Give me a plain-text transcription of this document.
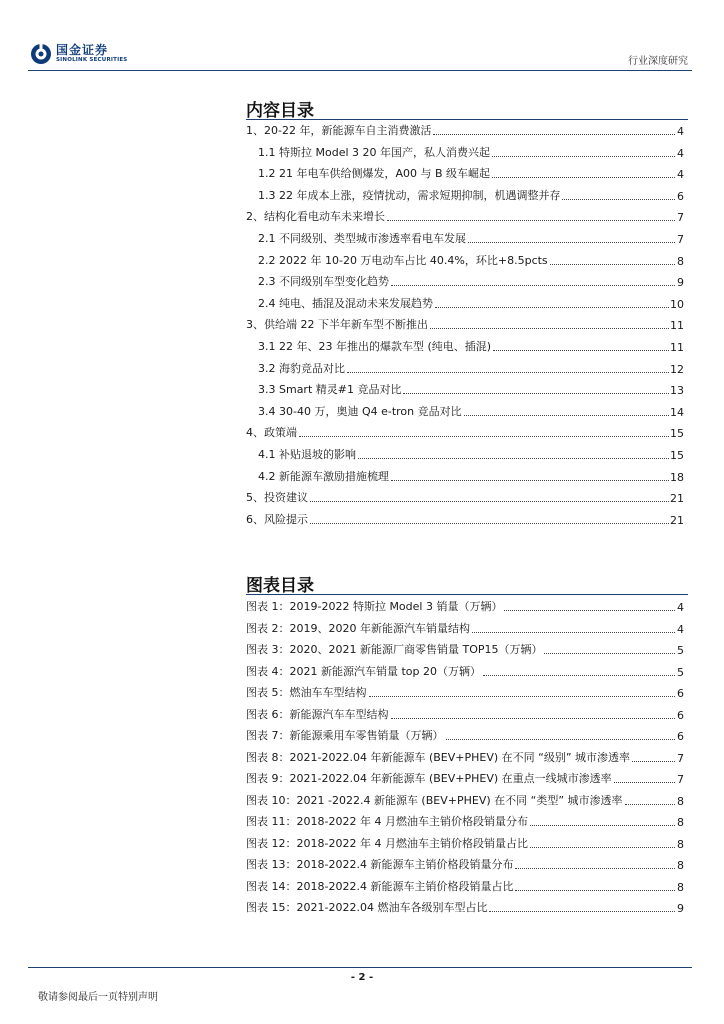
国金证券
SINOLINK SECURITIES	行业深度研究
内容目录
1、20-22 年，新能源车自主消费激活	4
1.1 特斯拉 Model 3 20 年国产，私人消费兴起	4
1.2 21 年电车供给侧爆发，A00 与 B 级车崛起	4
1.3 22 年成本上涨，疫情扰动，需求短期抑制，机遇调整并存	6
2、结构化看电动车未来增长	7
2.1 不同级别、类型城市渗透率看电车发展	7
2.2 2022 年 10-20 万电动车占比 40.4%，环比+8.5pcts	8
2.3 不同级别车型变化趋势	9
2.4 纯电、插混及混动未来发展趋势	10
3、供给端 22 下半年新车型不断推出	11
3.1 22 年、23 年推出的爆款车型 (纯电、插混)	11
3.2 海豹竞品对比	12
3.3 Smart 精灵#1 竞品对比	13
3.4 30-40 万，奥迪 Q4 e-tron 竞品对比	14
4、政策端	15
4.1 补贴退坡的影响	15
4.2 新能源车激励措施梳理	18
5、投资建议	21
6、风险提示	21
图表目录
图表 1：2019-2022 特斯拉 Model 3 销量（万辆）	4
图表 2：2019、2020 年新能源汽车销量结构	4
图表 3：2020、2021 新能源厂商零售销量 TOP15（万辆）	5
图表 4：2021 新能源汽车销量 top 20（万辆）	5
图表 5：燃油车车型结构	6
图表 6：新能源汽车车型结构	6
图表 7：新能源乘用车零售销量（万辆）	6
图表 8：2021-2022.04 年新能源车 (BEV+PHEV) 在不同 “级别” 城市渗透率	7
图表 9：2021-2022.04 年新能源车 (BEV+PHEV) 在重点一线城市渗透率	7
图表 10：2021 -2022.4 新能源车 (BEV+PHEV) 在不同 “类型” 城市渗透率	8
图表 11：2018-2022 年 4 月燃油车主销价格段销量分布	8
图表 12：2018-2022 年 4 月燃油车主销价格段销量占比	8
图表 13：2018-2022.4 新能源车主销价格段销量分布	8
图表 14：2018-2022.4 新能源车主销价格段销量占比	8
图表 15：2021-2022.04 燃油车各级别车型占比	9
- 2 -
敬请参阅最后一页特别声明
